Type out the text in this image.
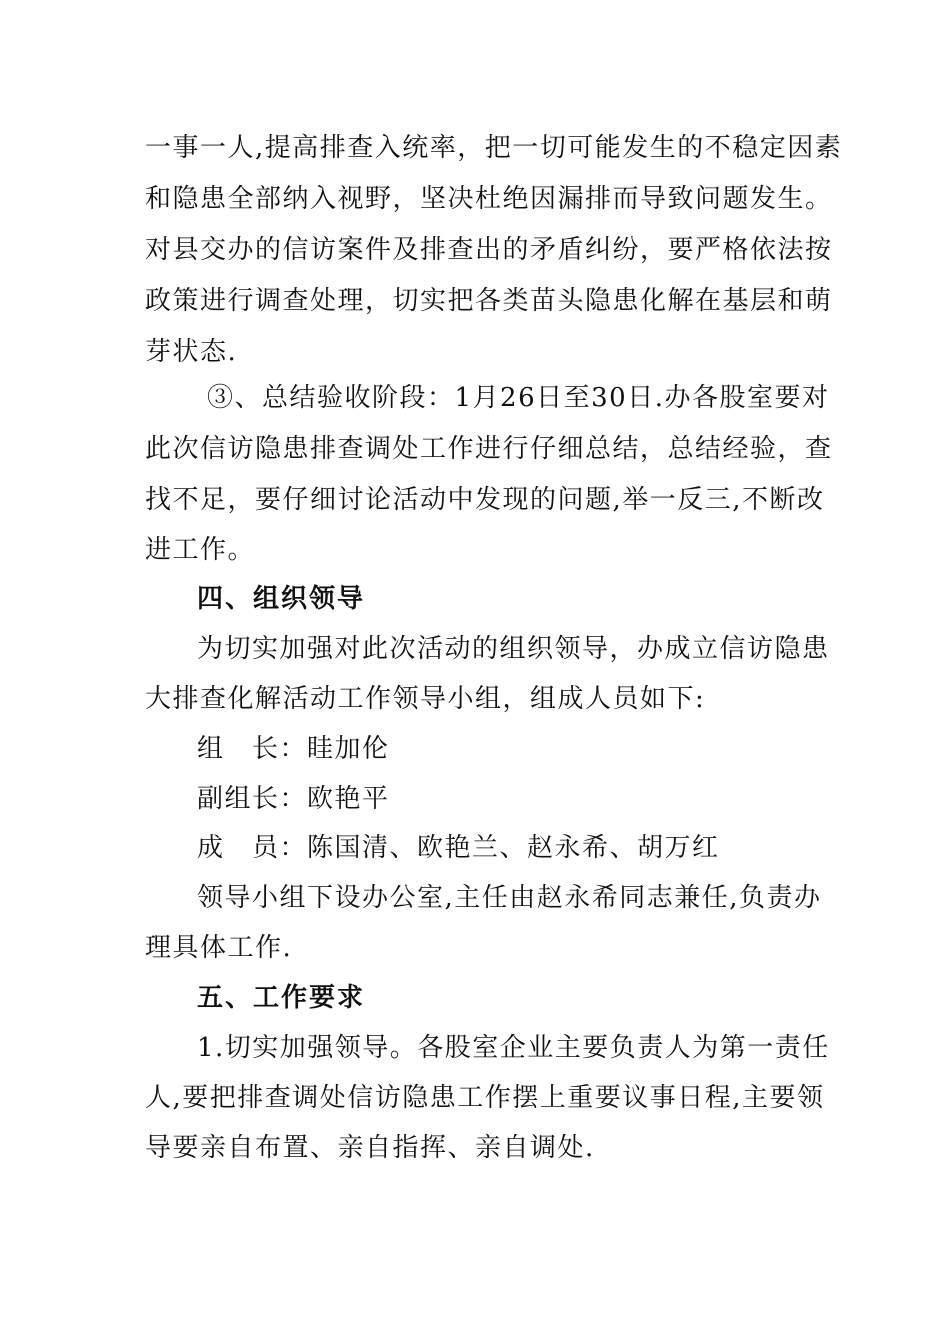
一事一人,提高排查入统率，把一切可能发生的不稳定因素
和隐患全部纳入视野，坚决杜绝因漏排而导致问题发生。
对县交办的信访案件及排查出的矛盾纠纷，要严格依法按
政策进行调查处理，切实把各类苗头隐患化解在基层和萌
芽状态.
③、总结验收阶段：1月26日至30日.办各股室要对
此次信访隐患排查调处工作进行仔细总结，总结经验，查
找不足，要仔细讨论活动中发现的问题,举一反三,不断改
进工作。
四、组织领导
为切实加强对此次活动的组织领导，办成立信访隐患
大排查化解活动工作领导小组，组成人员如下:
组　长：眭加伦
副组长：欧艳平
成　员：陈国清、欧艳兰、赵永希、胡万红
领导小组下设办公室,主任由赵永希同志兼任,负责办
理具体工作.
五、工作要求
1.切实加强领导。各股室企业主要负责人为第一责任
人,要把排查调处信访隐患工作摆上重要议事日程,主要领
导要亲自布置、亲自指挥、亲自调处.
